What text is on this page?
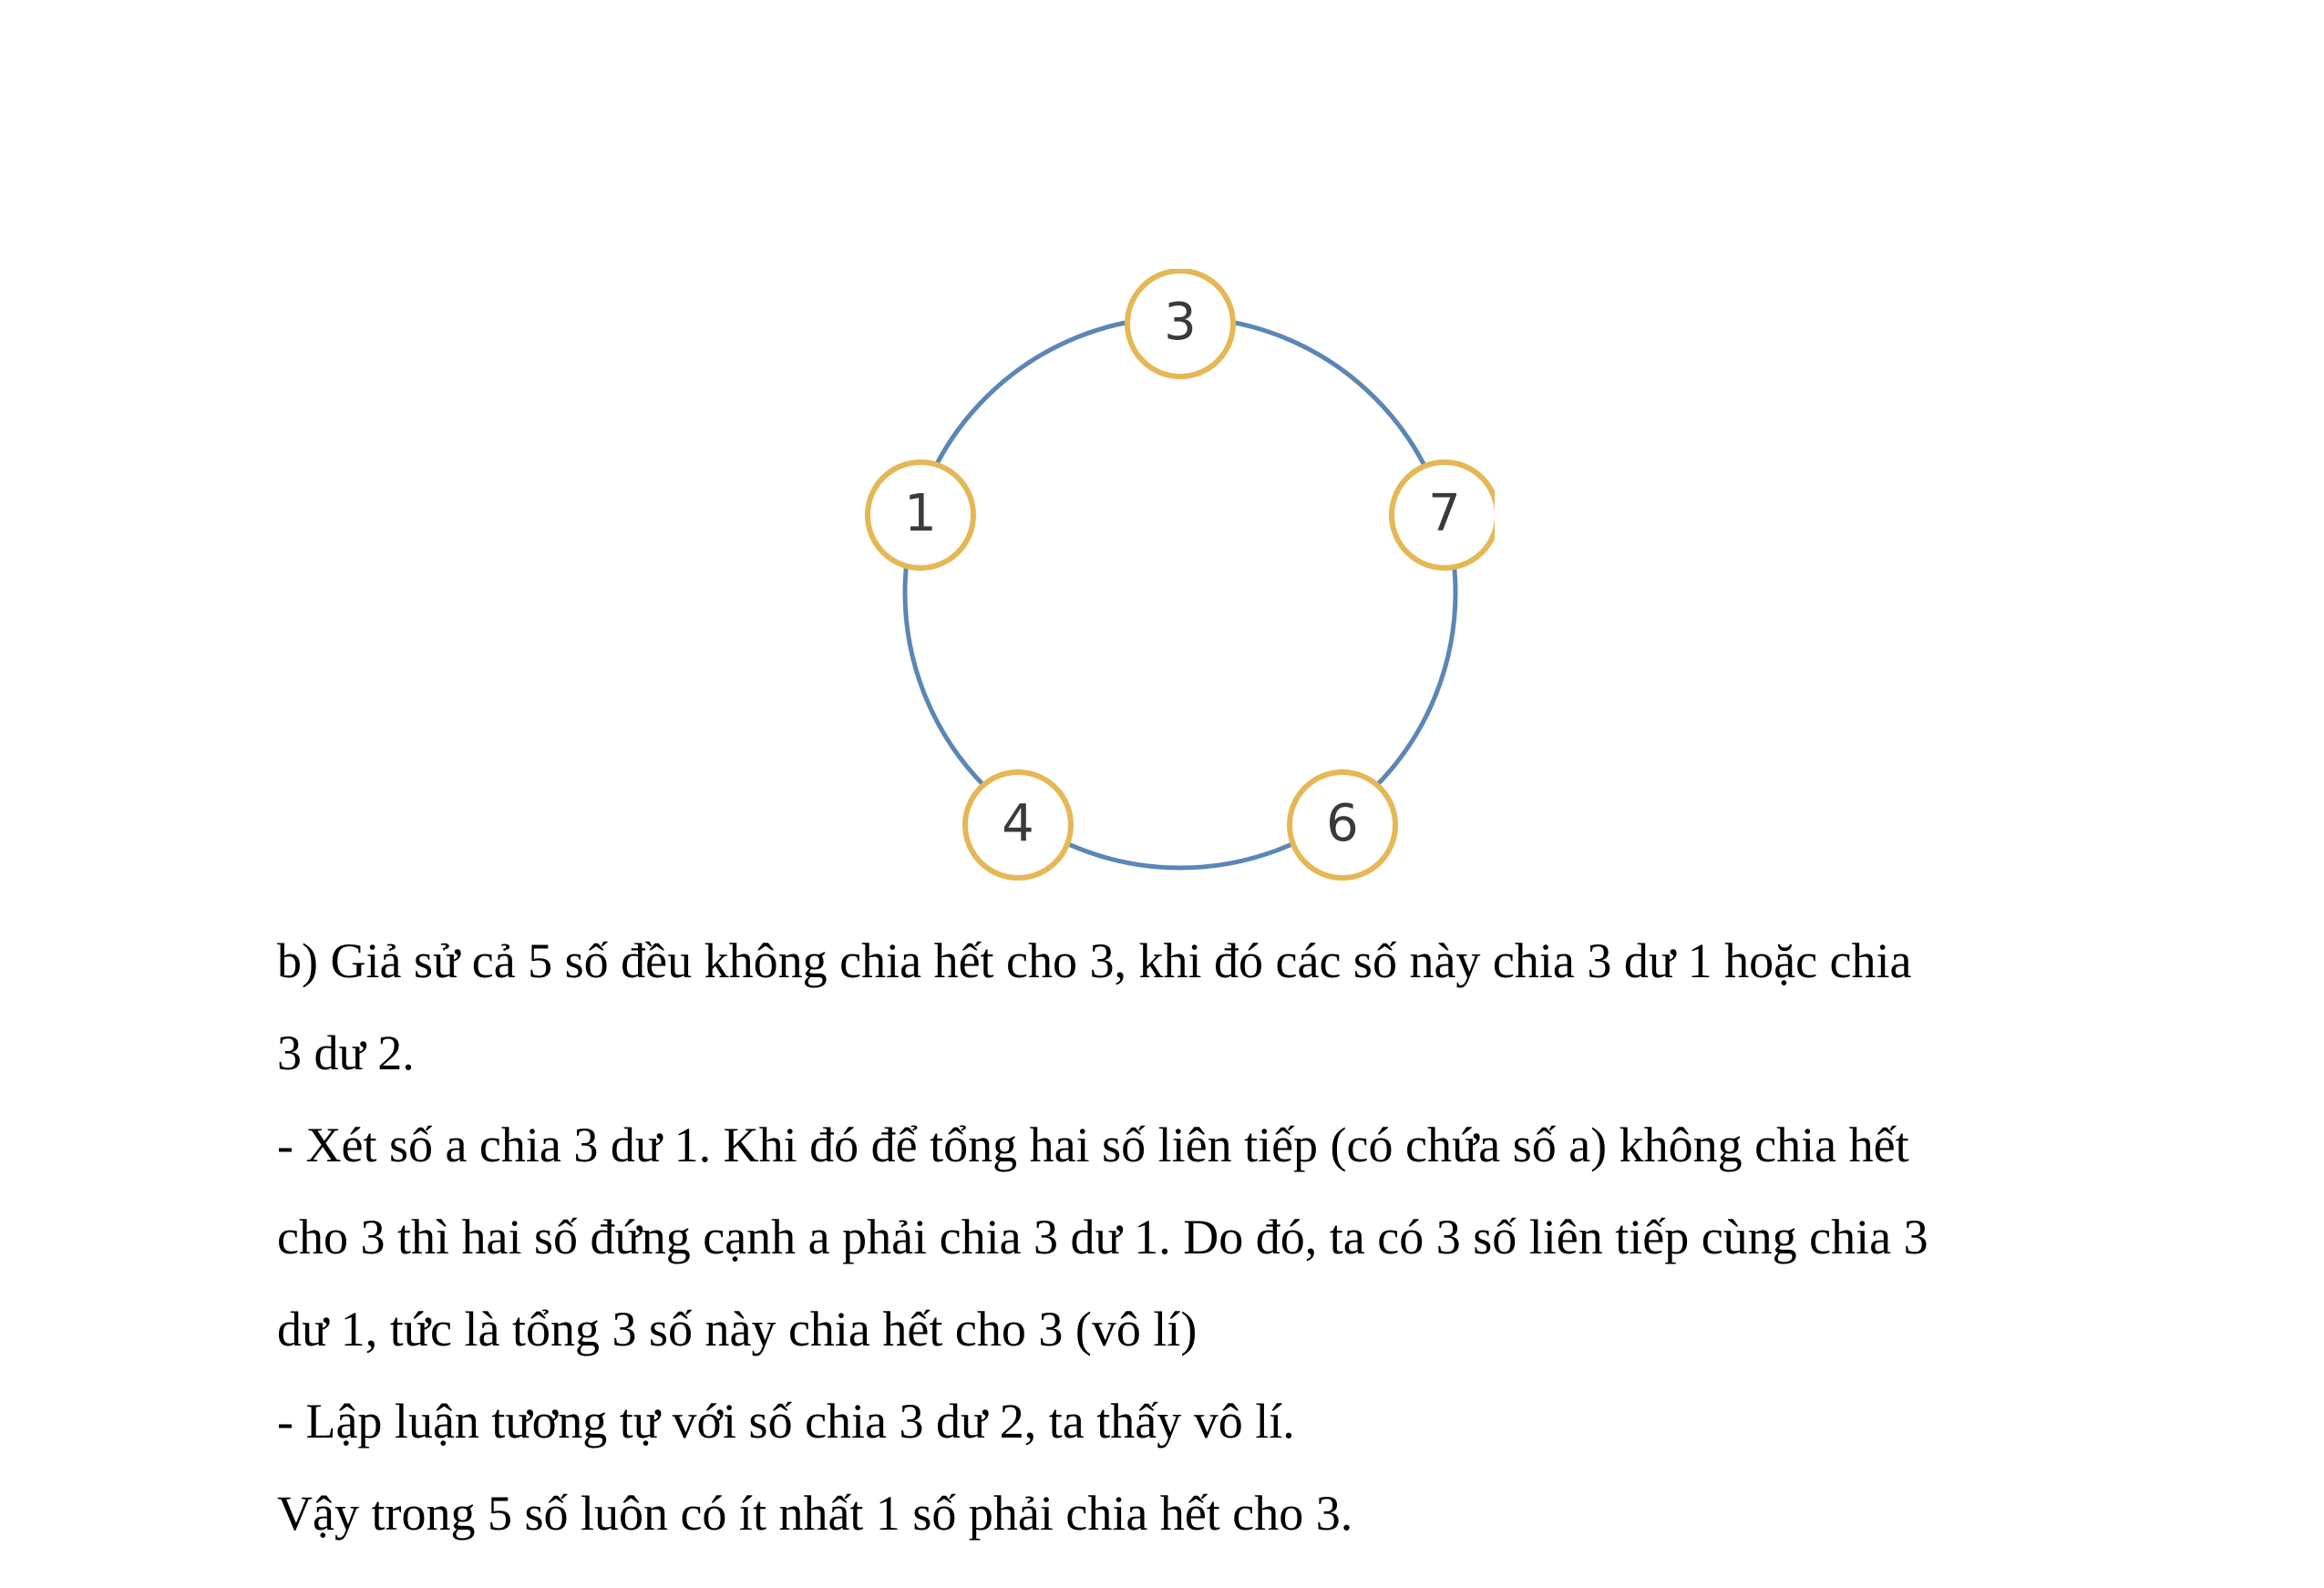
3
7
6
4
1

b) Giả sử cả 5 số đều không chia hết cho 3, khi đó các số này chia 3 dư 1 hoặc chia

3 dư 2.

- Xét số a chia 3 dư 1. Khi đó để tổng hai số liên tiếp (có chứa số a) không chia hết

cho 3 thì hai số đứng cạnh a phải chia 3 dư 1. Do đó, ta có 3 số liên tiếp cùng chia 3

dư 1, tức là tổng 3 số này chia hết cho 3 (vô lí)

- Lập luận tương tự với số chia 3 dư 2, ta thấy vô lí.

Vậy trong 5 số luôn có ít nhất 1 số phải chia hết cho 3.
